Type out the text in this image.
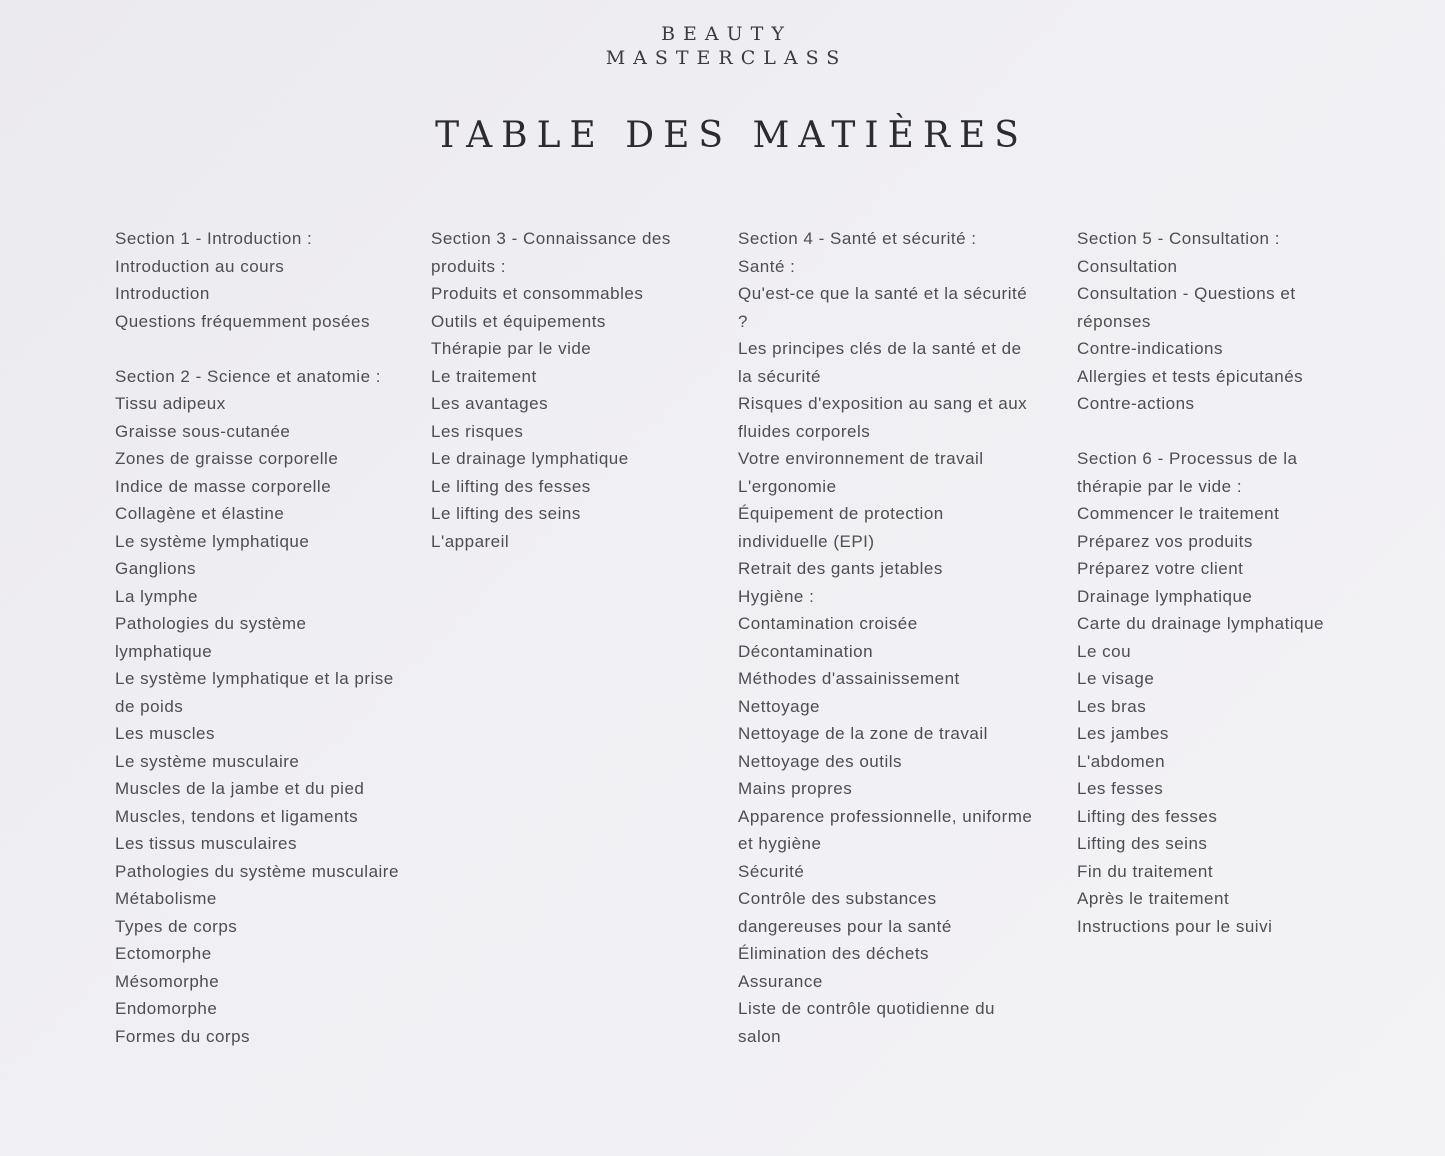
BEAUTY
MASTERCLASS
TABLE DES MATIÈRES
Section 1 - Introduction :
Introduction au cours
Introduction
Questions fréquemment posées
Section 2 - Science et anatomie :
Tissu adipeux
Graisse sous-cutanée
Zones de graisse corporelle
Indice de masse corporelle
Collagène et élastine
Le système lymphatique
Ganglions
La lymphe
Pathologies du système lymphatique
Le système lymphatique et la prise de poids
Les muscles
Le système musculaire
Muscles de la jambe et du pied
Muscles, tendons et ligaments
Les tissus musculaires
Pathologies du système musculaire
Métabolisme
Types de corps
Ectomorphe
Mésomorphe
Endomorphe
Formes du corps
Section 3 - Connaissance des produits :
Produits et consommables
Outils et équipements
Thérapie par le vide
Le traitement
Les avantages
Les risques
Le drainage lymphatique
Le lifting des fesses
Le lifting des seins
L'appareil
Section 4 - Santé et sécurité :
Santé :
Qu'est-ce que la santé et la sécurité ?
Les principes clés de la santé et de la sécurité
Risques d'exposition au sang et aux fluides corporels
Votre environnement de travail
L'ergonomie
Équipement de protection individuelle (EPI)
Retrait des gants jetables
Hygiène :
Contamination croisée
Décontamination
Méthodes d'assainissement
Nettoyage
Nettoyage de la zone de travail
Nettoyage des outils
Mains propres
Apparence professionnelle, uniforme et hygiène
Sécurité
Contrôle des substances dangereuses pour la santé
Élimination des déchets
Assurance
Liste de contrôle quotidienne du salon
Section 5 - Consultation :
Consultation
Consultation - Questions et réponses
Contre-indications
Allergies et tests épicutanés
Contre-actions
Section 6 - Processus de la thérapie par le vide :
Commencer le traitement
Préparez vos produits
Préparez votre client
Drainage lymphatique
Carte du drainage lymphatique
Le cou
Le visage
Les bras
Les jambes
L'abdomen
Les fesses
Lifting des fesses
Lifting des seins
Fin du traitement
Après le traitement
Instructions pour le suivi
